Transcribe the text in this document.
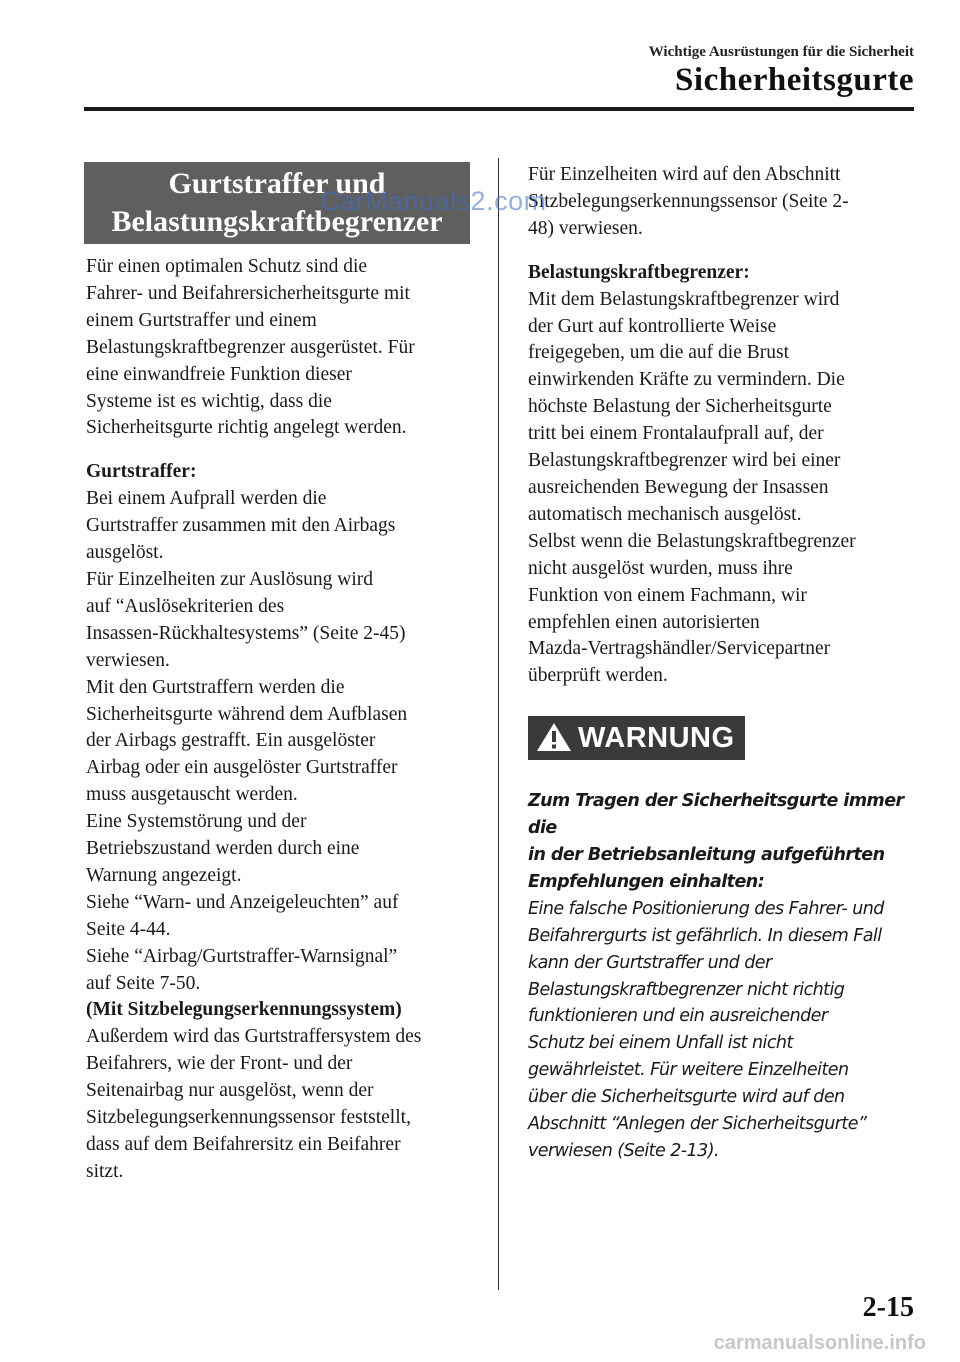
Wichtige Ausrüstungen für die Sicherheit
Sicherheitsgurte
Gurtstraffer und
Belastungskraftbegrenzer

Für einen optimalen Schutz sind die

Fahrer- und Beifahrersicherheitsgurte mit

einem Gurtstraffer und einem

Belastungskraftbegrenzer ausgerüstet. Für

eine einwandfreie Funktion dieser

Systeme ist es wichtig, dass die

Sicherheitsgurte richtig angelegt werden.

Gurtstraffer:

Bei einem Aufprall werden die

Gurtstraffer zusammen mit den Airbags

ausgelöst.

Für Einzelheiten zur Auslösung wird

auf “Auslösekriterien des

Insassen-Rückhaltesystems” (Seite 2-45)

verwiesen.

Mit den Gurtstraffern werden die

Sicherheitsgurte während dem Aufblasen

der Airbags gestrafft. Ein ausgelöster

Airbag oder ein ausgelöster Gurtstraffer

muss ausgetauscht werden.

Eine Systemstörung und der

Betriebszustand werden durch eine

Warnung angezeigt.

Siehe “Warn- und Anzeigeleuchten” auf

Seite 4-44.

Siehe “Airbag/Gurtstraffer-Warnsignal”

auf Seite 7-50.

(Mit Sitzbelegungserkennungssystem)

Außerdem wird das Gurtstraffersystem des

Beifahrers, wie der Front- und der

Seitenairbag nur ausgelöst, wenn der

Sitzbelegungserkennungssensor feststellt,

dass auf dem Beifahrersitz ein Beifahrer

sitzt.

Für Einzelheiten wird auf den Abschnitt

Sitzbelegungserkennungssensor (Seite 2-

48) verwiesen.

Belastungskraftbegrenzer:

Mit dem Belastungskraftbegrenzer wird

der Gurt auf kontrollierte Weise

freigegeben, um die auf die Brust

einwirkenden Kräfte zu vermindern. Die

höchste Belastung der Sicherheitsgurte

tritt bei einem Frontalaufprall auf, der

Belastungskraftbegrenzer wird bei einer

ausreichenden Bewegung der Insassen

automatisch mechanisch ausgelöst.

Selbst wenn die Belastungskraftbegrenzer

nicht ausgelöst wurden, muss ihre

Funktion von einem Fachmann, wir

empfehlen einen autorisierten

Mazda-Vertragshändler/Servicepartner

überprüft werden.

WARNUNG

Zum Tragen der Sicherheitsgurte immer die

in der Betriebsanleitung aufgeführten

Empfehlungen einhalten:

Eine falsche Positionierung des Fahrer- und

Beifahrergurts ist gefährlich. In diesem Fall

kann der Gurtstraffer und der

Belastungskraftbegrenzer nicht richtig

funktionieren und ein ausreichender

Schutz bei einem Unfall ist nicht

gewährleistet. Für weitere Einzelheiten

über die Sicherheitsgurte wird auf den

Abschnitt “Anlegen der Sicherheitsgurte”

verwiesen (Seite 2-13).

CarManuals2.com
2-15
carmanualsonline.info
